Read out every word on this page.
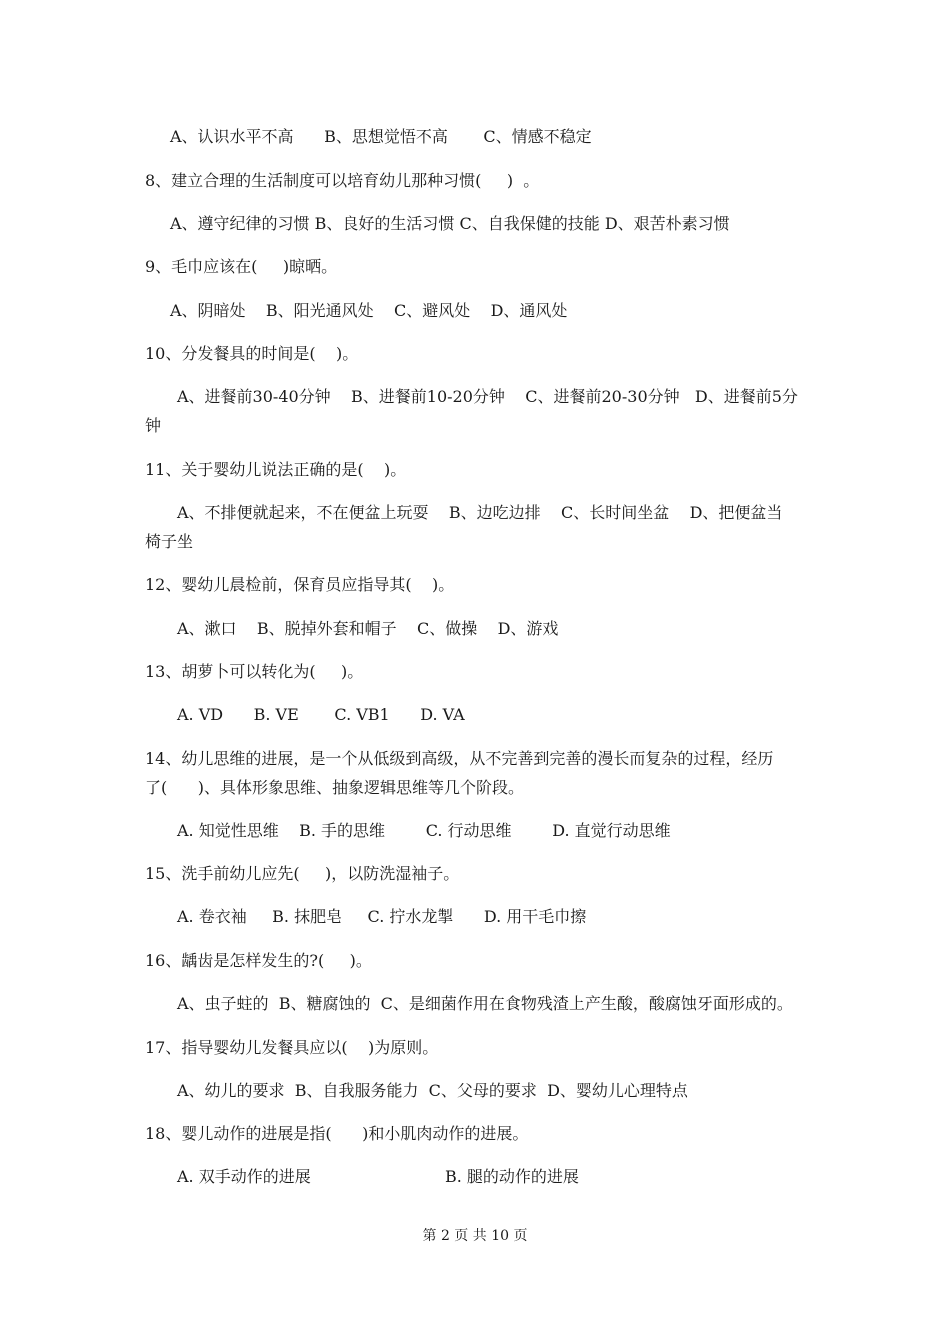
A、认识水平不高      B、思想觉悟不高       C、情感不稳定
8、建立合理的生活制度可以培育幼儿那种习惯(     )  。
A、遵守纪律的习惯 B、良好的生活习惯 C、自我保健的技能 D、艰苦朴素习惯
9、毛巾应该在(     )晾晒。
A、阴暗处    B、阳光通风处    C、避风处    D、通风处
10、分发餐具的时间是(    )。
A、进餐前30-40分钟    B、进餐前10-20分钟    C、进餐前20-30分钟   D、进餐前5分
钟
11、关于婴幼儿说法正确的是(    )。
A、不排便就起来，不在便盆上玩耍    B、边吃边排    C、长时间坐盆    D、把便盆当
椅子坐
12、婴幼儿晨检前，保育员应指导其(    )。
A、漱口    B、脱掉外套和帽子    C、做操    D、游戏
13、胡萝卜可以转化为(     )。
A. VD      B. VE       C. VB1      D. VA
14、幼儿思维的进展，是一个从低级到高级，从不完善到完善的漫长而复杂的过程，经历
了(      )、具体形象思维、抽象逻辑思维等几个阶段。
A. 知觉性思维    B. 手的思维        C. 行动思维        D. 直觉行动思维
15、洗手前幼儿应先(     )，以防洗湿袖子。
A. 卷衣袖     B. 抹肥皂     C. 拧水龙掣      D. 用干毛巾擦
16、龋齿是怎样发生的?(     )。
A、虫子蛀的  B、糖腐蚀的  C、是细菌作用在食物残渣上产生酸，酸腐蚀牙面形成的。
17、指导婴幼儿发餐具应以(    )为原则。
A、幼儿的要求  B、自我服务能力  C、父母的要求  D、婴幼儿心理特点
18、婴儿动作的进展是指(      )和小肌肉动作的进展。
A. 双手动作的进展	B. 腿的动作的进展
第 2 页 共 10 页
